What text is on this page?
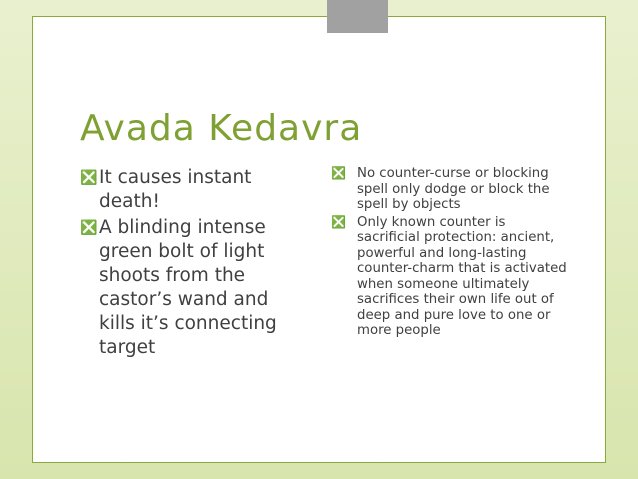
Avada Kedavra
❎ It causes instant death!
❎ A blinding intense green bolt of light shoots from the castor’s wand and kills it’s connecting target
❎ No counter-curse or blocking spell only dodge or block the spell by objects
❎ Only known counter is sacrificial protection: ancient, powerful and long-lasting counter-charm that is activated when someone ultimately sacrifices their own life out of deep and pure love to one or more people
